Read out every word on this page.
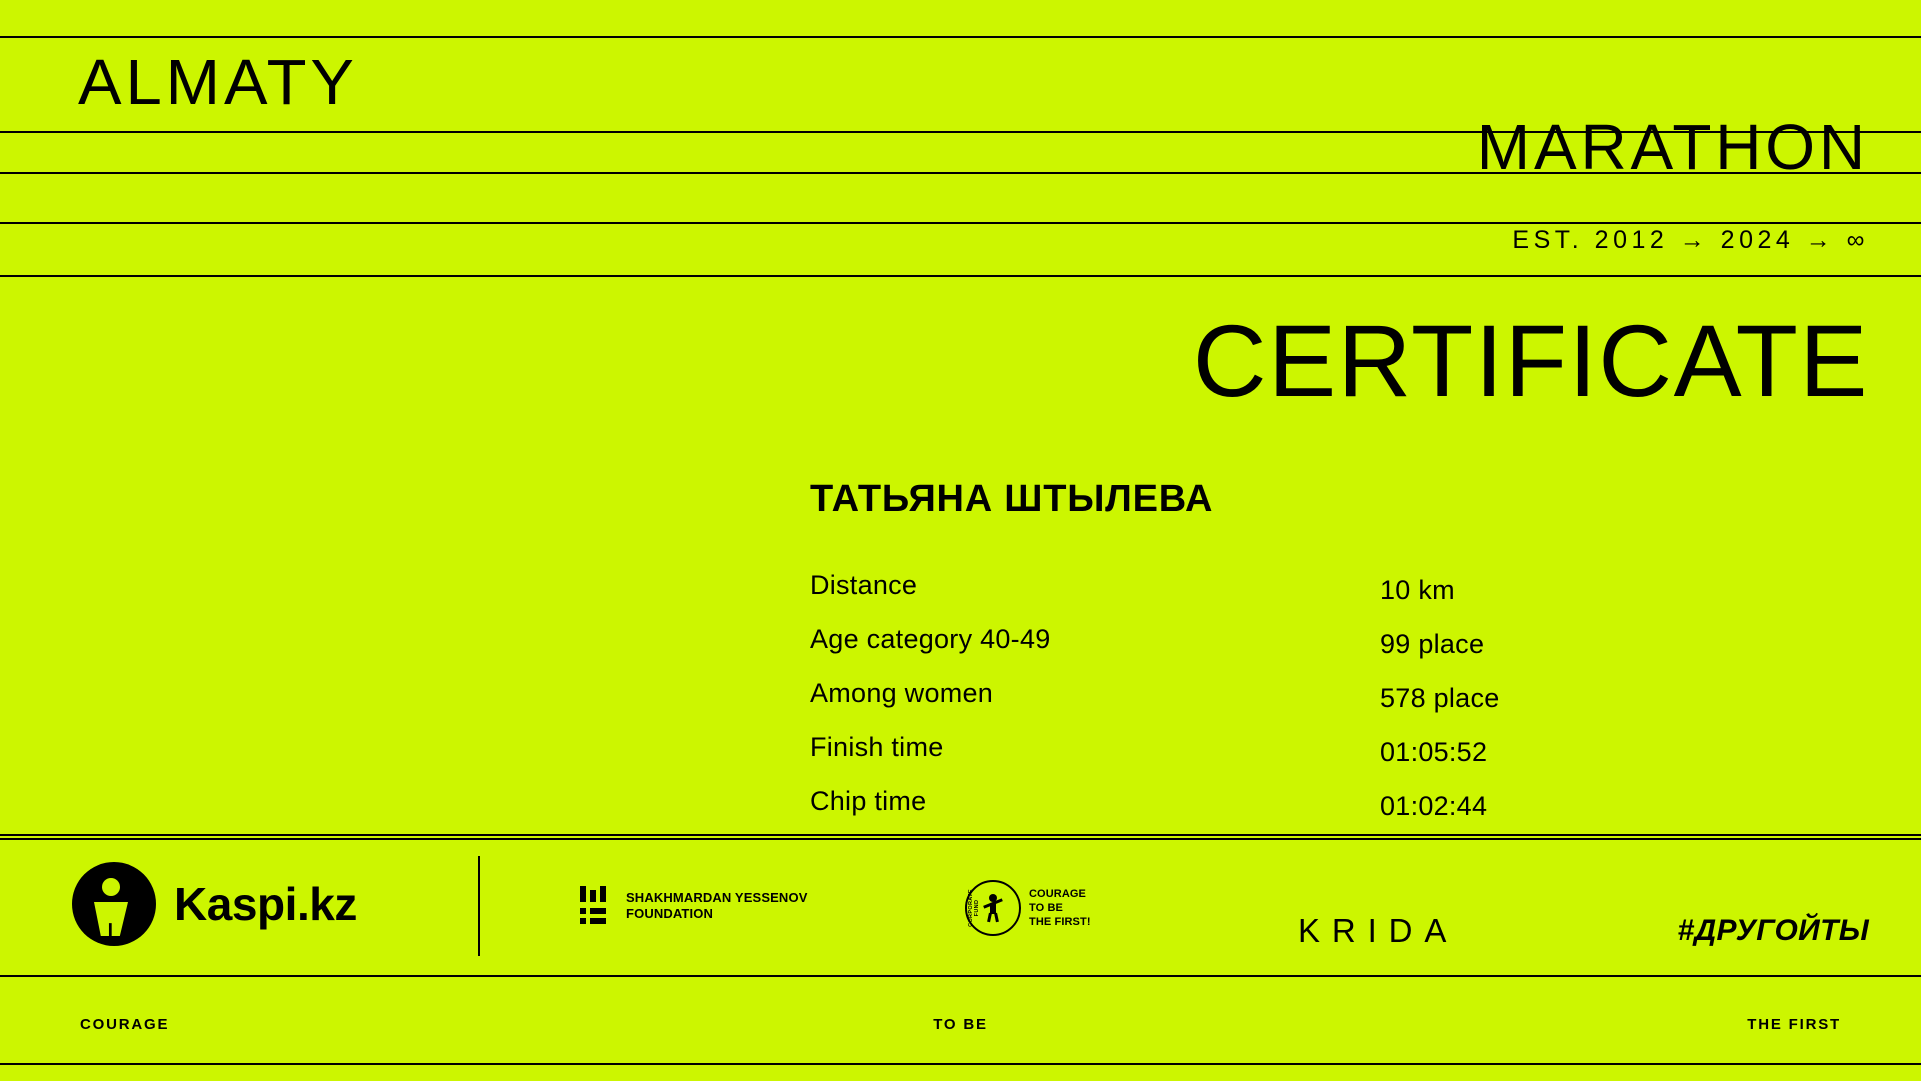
ALMATY
MARATHON
EST. 2012 → 2024 → ∞
CERTIFICATE
ТАТЬЯНА ШТЫЛЕВА
Distance	10 km
Age category 40-49	99 place
Among women	578 place
Finish time	01:05:52
Chip time	01:02:44
Kaspi.kz	SHAKHMARDAN YESSENOV
FOUNDATION	CORPORATE FUND
COURAGE
TO BE
THE FIRST!	KRIDA	#ДРУГОЙТЫ
COURAGE	TO BE	THE FIRST
